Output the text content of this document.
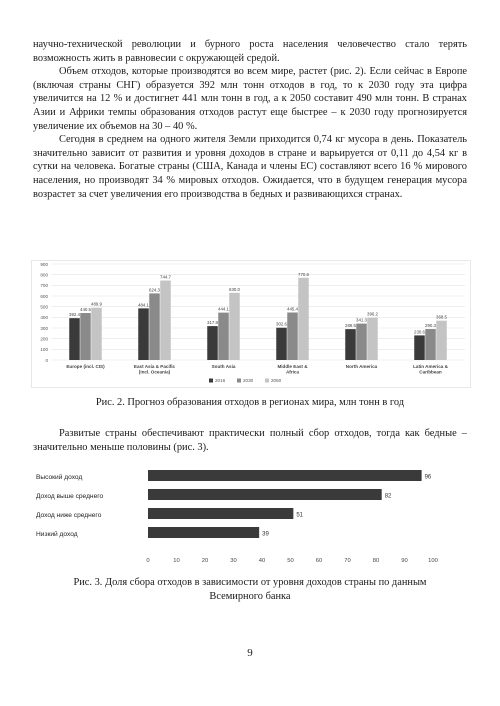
научно-технической революции и бурного роста населения человечество стало терять возможность жить в равновесии с окружающей средой.

Объем отходов, которые производятся во всем мире, растет (рис. 2). Если сейчас в Европе (включая страны СНГ) образуется 392 млн тонн отходов в год, то к 2030 году эта цифра увеличится на 12 % и достигнет 441 млн тонн в год, а к 2050 составит 490 млн тонн. В странах Азии и Африки темпы образования отходов растут еще быстрее – к 2030 году прогнозируется увеличение их объемов на 30 – 40 %.

Сегодня в среднем на одного жителя Земли приходится 0,74 кг мусора в день. Показатель значительно зависит от развития и уровня доходов в стране и варьируется от 0,11 до 4,54 кг в сутки на человека. Богатые страны (США, Канада и члены ЕС) составляют всего 16 % мирового населения, но производят 34 % мировых отходов. Ожидается, что в будущем генерация мусора возрастет за счет увеличения его производства в бедных и развивающихся странах.

0
100
200
300
400
500
600
700
800
900
392.4
440.5
489.9
Europe (incl. CIS)
484.1
624.3
744.7
East Asia & Pacific
(incl. Oceania)
317.8
444.1
630.0
South Asia
302.6
445.4
770.6
Middle East &
Africa
289.5
341.3
396.2
North America
230.6
290.3
368.5
Latin America &
Caribbean
2016	2030	2050
Рис. 2. Прогноз образования отходов в регионах мира, млн тонн в год

Развитые страны обеспечивают практически полный сбор отходов, тогда как бедные – значительно меньше половины (рис. 3).

Высокий доход	96
Доход выше среднего	82
Доход ниже среднего	51
Низкий доход	39
0	10	20	30	40	50	60	70	80	90	100
Рис. 3. Доля сбора отходов в зависимости от уровня доходов страны по данным
Всемирного банка
9
